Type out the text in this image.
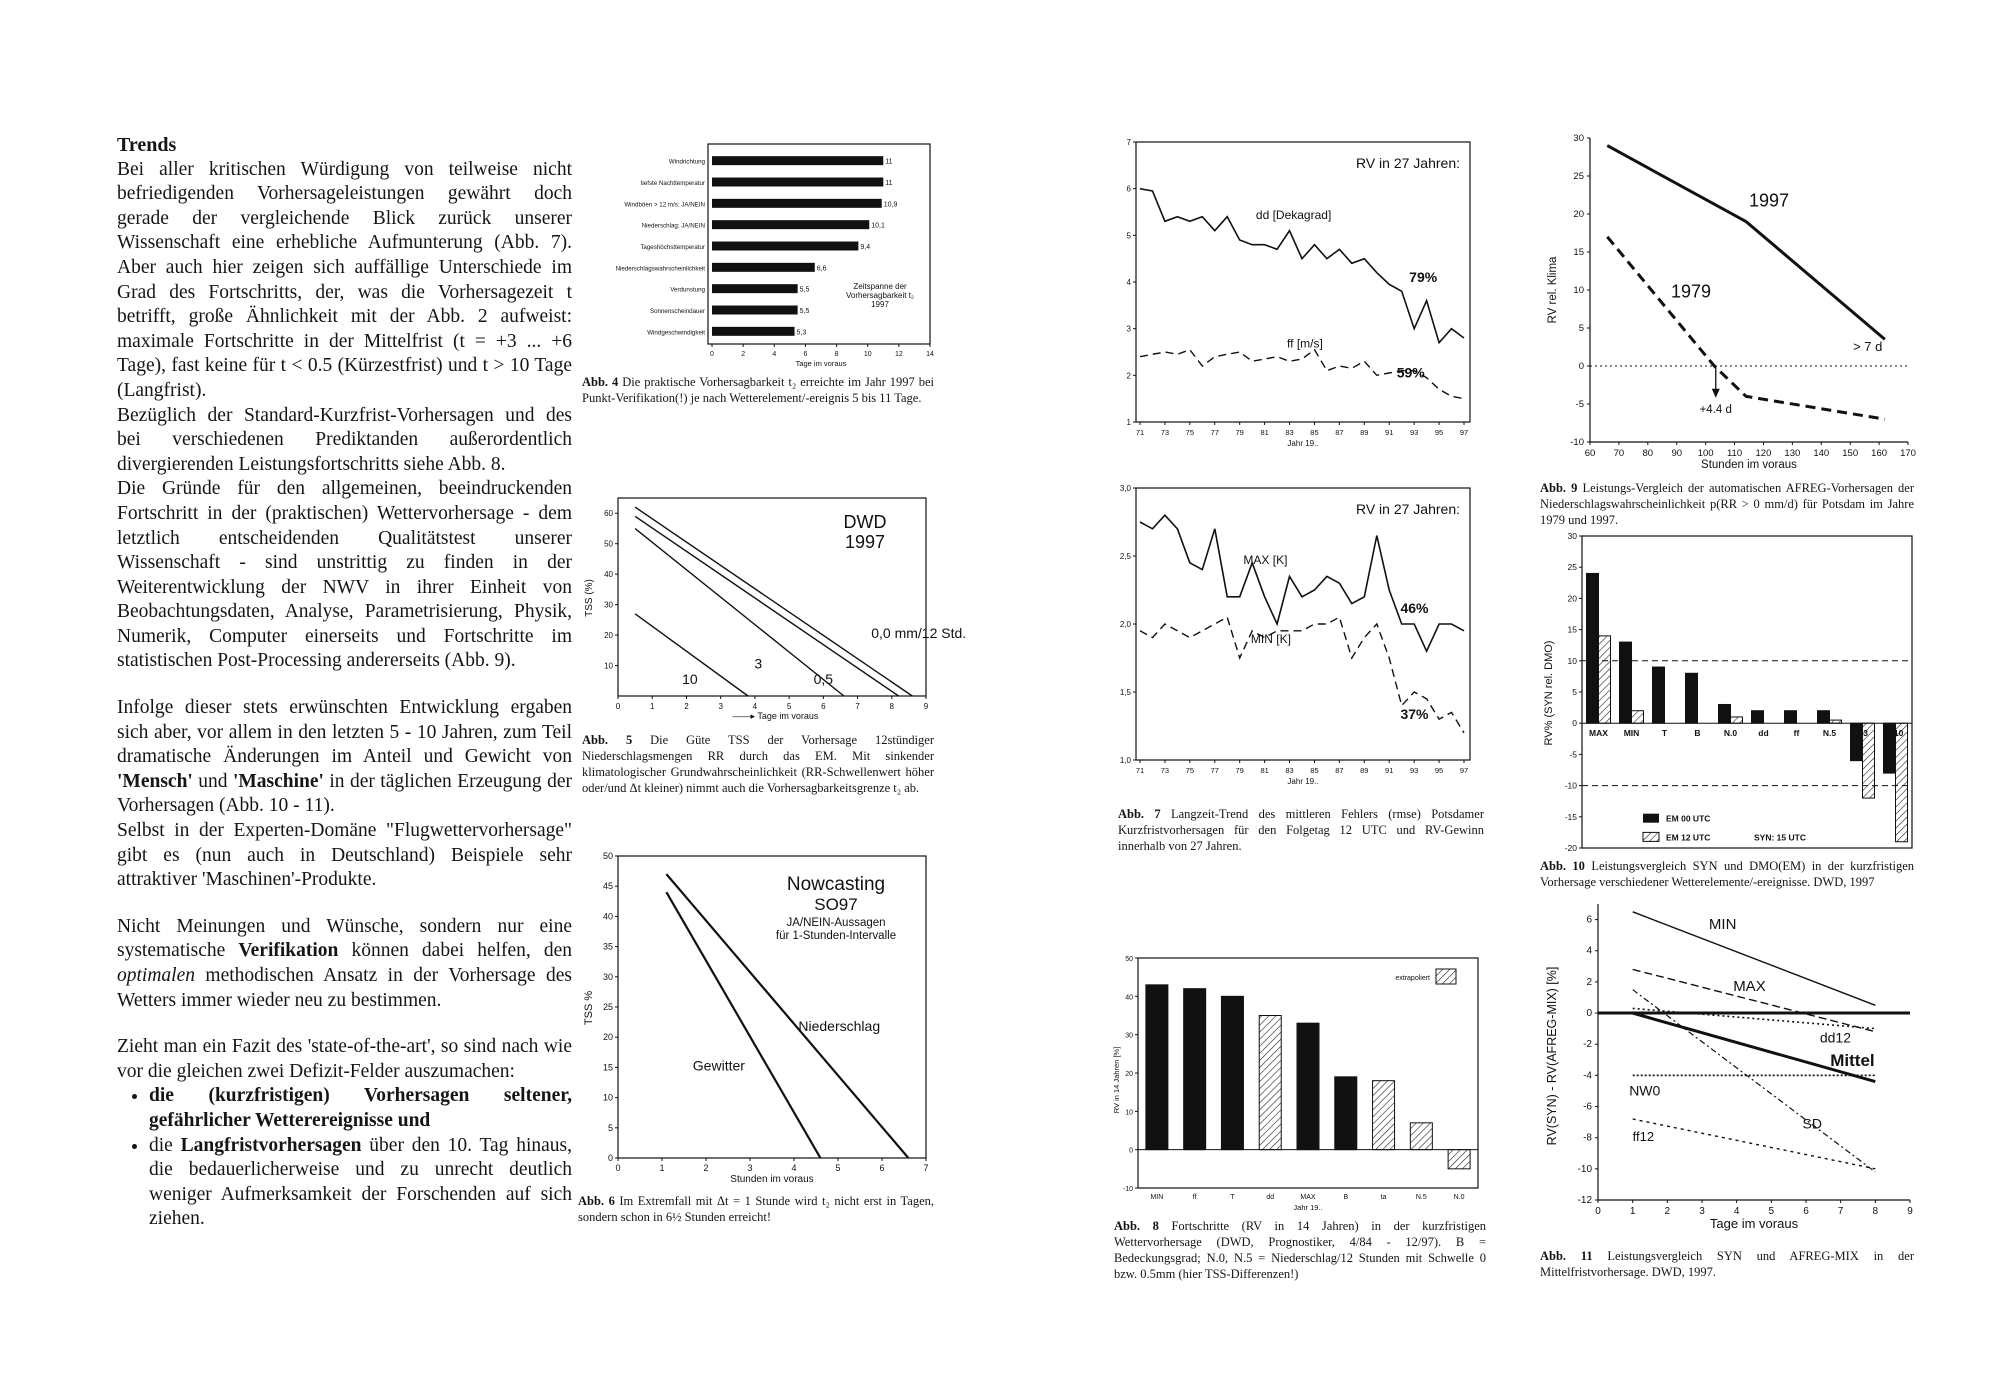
Trends

Bei aller kritischen Würdigung von teilweise nicht befriedigenden Vorhersageleistungen gewährt doch gerade der vergleichende Blick zurück unserer Wissenschaft eine erhebliche Aufmunterung (Abb. 7). Aber auch hier zeigen sich auffällige Unterschiede im Grad des Fortschritts, der, was die Vorhersagezeit t betrifft, große Ähnlichkeit mit der Abb. 2 aufweist: maximale Fortschritte in der Mittelfrist (t = +3 ... +6 Tage), fast keine für t < 0.5 (Kürzestfrist) und t > 10 Tage (Langfrist).

Bezüglich der Standard-Kurzfrist-Vorhersagen und des bei verschiedenen Prediktanden außerordentlich divergierenden Leistungsfortschritts siehe Abb. 8.

Die Gründe für den allgemeinen, beeindruckenden Fortschritt in der (praktischen) Wettervorhersage - dem letztlich entscheidenden Qualitätstest unserer Wissenschaft - sind unstrittig zu finden in der Weiterentwicklung der NWV in ihrer Einheit von Beobachtungsdaten, Analyse, Parametrisierung, Physik, Numerik, Computer einerseits und Fortschritte im statistischen Post-Processing andererseits (Abb. 9).

Infolge dieser stets erwünschten Entwicklung ergaben sich aber, vor allem in den letzten 5 - 10 Jahren, zum Teil dramatische Änderungen im Anteil und Gewicht von 'Mensch' und 'Maschine' in der täglichen Erzeugung der Vorhersagen (Abb. 10 - 11).

Selbst in der Experten-Domäne "Flugwettervorhersage" gibt es (nun auch in Deutschland) Beispiele sehr attraktiver 'Maschinen'-Produkte.

Nicht Meinungen und Wünsche, sondern nur eine systematische Verifikation können dabei helfen, den optimalen methodischen Ansatz in der Vorhersage des Wetters immer wieder neu zu bestimmen.

Zieht man ein Fazit des 'state-of-the-art', so sind nach wie vor die gleichen zwei Defizit-Felder auszumachen:

• die (kurzfristigen) Vorhersagen seltener, gefährlicher Wetterereignisse und
• die Langfristvorhersagen über den 10. Tag hinaus, die bedauerlicherweise und zu unrecht deutlich weniger Aufmerksamkeit der Forschenden auf sich ziehen.
Windrichtung	11
tiefste Nachttemperatur	11
Windböen > 12 m/s: JA/NEIN	10,9
Niederschlag: JA/NEIN	10,1
Tageshöchsttemperatur	9,4
Niederschlagswahrscheinlichkeit	6,6
Verdunstung	5,5
Sonnenscheindauer	5,5
Windgeschwindigkeit	5,3
0	2	4	6	8	10	12	14
Tage im voraus
Zeitspanne der
Vorhersagbarkeit t₂
1997
Abb. 4 Die praktische Vorhersagbarkeit t₂ erreichte im Jahr 1997 bei Punkt-Verifikation(!) je nach Wetterelement/-ereignis 5 bis 11 Tage.
0	1	2	3	4	5	6	7	8	9
10
20
30
40
50
60
TSS (%)
——▸ Tage im voraus
DWD
1997
0,0 mm/12 Std.
0,5
3
10
Abb. 5 Die Güte TSS der Vorhersage 12stündiger Niederschlagsmengen RR durch das EM. Mit sinkender klimatologischer Grundwahrscheinlichkeit (RR-Schwellenwert höher oder/und Δt kleiner) nimmt auch die Vorhersagbarkeitsgrenze t₂ ab.
0	1	2	3	4	5	6	7
0
5
10
15
20
25
30
35
40
45
50
TSS %
Stunden im voraus
Nowcasting
SO97
JA/NEIN-Aussagen
für 1-Stunden-Intervalle
Niederschlag
Gewitter
Abb. 6 Im Extremfall mit Δt = 1 Stunde wird t₂ nicht erst in Tagen, sondern schon in 6½ Stunden erreicht!
71 73 75 77 79 81 83 85 87 89 91 93 95 97
1
2
3
4
5
6
7
Jahr 19..
RV in 27 Jahren:
dd [Dekagrad]
79%
ff [m/s]
59%
71 73 75 77 79 81 83 85 87 89 91 93 95 97
1,0
1,5
2,0
2,5
3,0
Jahr 19..
RV in 27 Jahren:
MAX [K]
46%
MIN [K]
37%
Abb. 7 Langzeit-Trend des mittleren Fehlers (rmse) Potsdamer Kurzfristvorhersagen für den Folgetag 12 UTC und RV-Gewinn innerhalb von 27 Jahren.
-10
0
10
20
30
40
50
RV in 14 Jahren [%]
MIN	ff	T	dd	MAX	B	ta	N.5	N.0
Jahr 19..
extrapoliert
Abb. 8 Fortschritte (RV in 14 Jahren) in der kurzfristigen Wettervorhersage (DWD, Prognostiker, 4/84 - 12/97). B = Bedeckungsgrad; N.0, N.5 = Niederschlag/12 Stunden mit Schwelle 0 bzw. 0.5mm (hier TSS-Differenzen!)
60 70 80 90 100 110 120 130 140 150 160 170
-10
-5
0
5
10
15
20
25
30
RV rel. Klima
Stunden im voraus
1997
1979
> 7 d
+4.4 d
Abb. 9 Leistungs-Vergleich der automatischen AFREG-Vorhersagen der Niederschlagswahrscheinlichkeit p(RR > 0 mm/d) für Potsdam im Jahre 1979 und 1997.
-20
-15
-10
-5
0
5
10
15
20
25
30
RV% (SYN rel. DMO)	MAX MIN	T	B	N.0 dd	ff	N.5 N3 N10
EM 00 UTC
EM 12 UTC	SYN: 15 UTC
Abb. 10 Leistungsvergleich SYN und DMO(EM) in der kurzfristigen Vorhersage verschiedener Wetterelemente/-ereignisse. DWD, 1997
0	1	2	3	4	5	6	7	8	9
-12
-10
-8
-6
-4
-2
0
2
4
6
RV(SYN) - RV(AFREG-MIX) [%]
Tage im voraus
MIN
MAX
dd12
Mittel
NW0
SD
ff12
Abb. 11 Leistungsvergleich SYN und AFREG-MIX in der Mittelfristvorhersage. DWD, 1997.
